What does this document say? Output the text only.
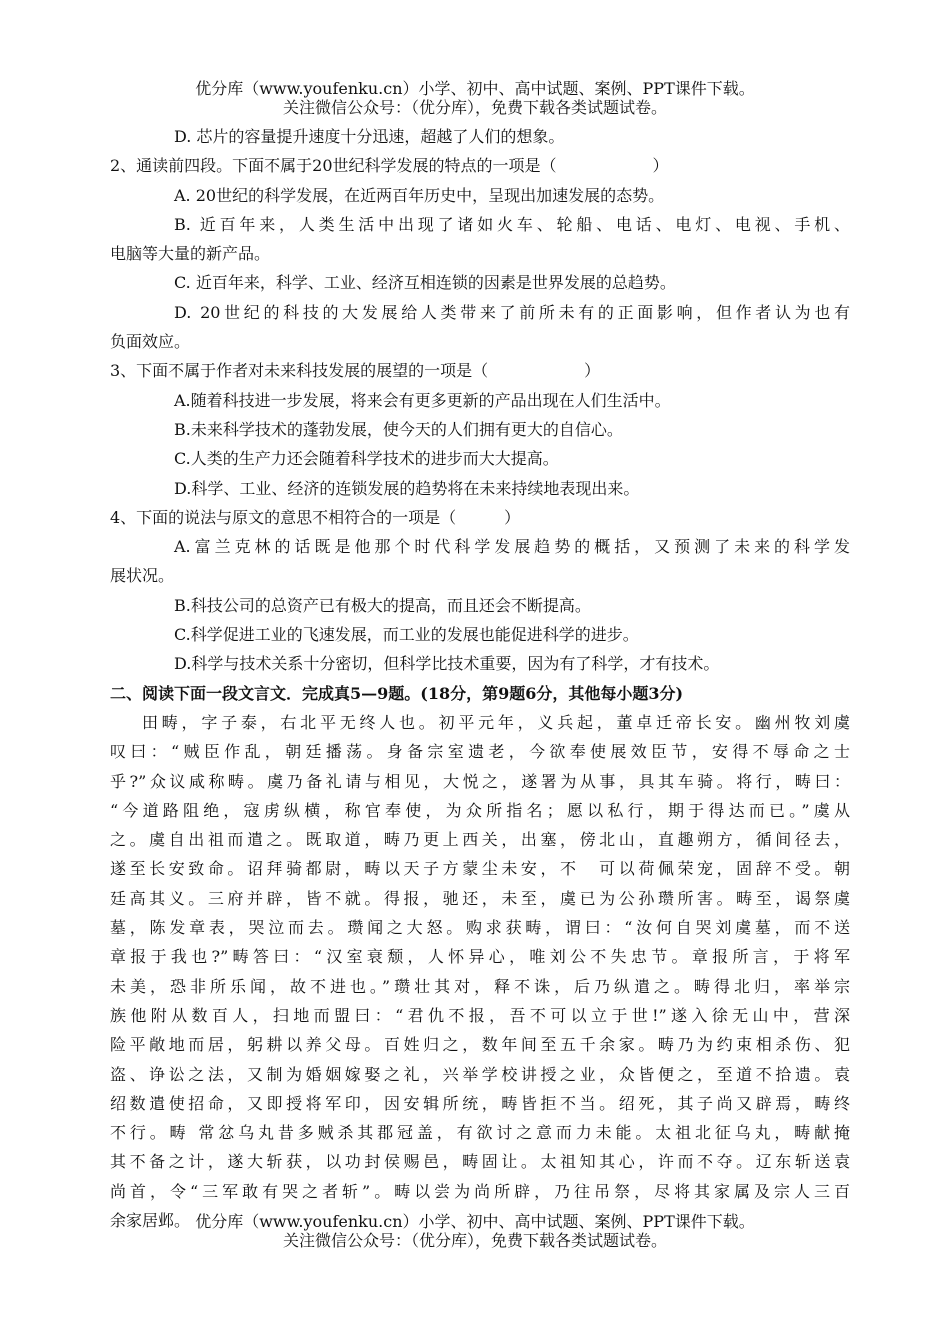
优分库（www.youfenku.cn）小学、初中、高中试题、案例、PPT课件下载。
关注微信公众号：（优分库），免费下载各类试题试卷。
D. 芯片的容量提升速度十分迅速，超越了人们的想象。
2、通读前四段。下面不属于20世纪科学发展的特点的一项是（　　　　　　）
A. 20世纪的科学发展，在近两百年历史中，呈现出加速发展的态势。
B. 近百年来，人类生活中出现了诸如火车、轮船、电话、电灯、电视、手机、
电脑等大量的新产品。
C. 近百年来，科学、工业、经济互相连锁的因素是世界发展的总趋势。
D. 20世纪的科技的大发展给人类带来了前所未有的正面影响，但作者认为也有
负面效应。
3、下面不属于作者对未来科技发展的展望的一项是（　　　　　　）
A.随着科技进一步发展，将来会有更多更新的产品出现在人们生活中。
B.未来科学技术的蓬勃发展，使今天的人们拥有更大的自信心。
C.人类的生产力还会随着科学技术的进步而大大提高。
D.科学、工业、经济的连锁发展的趋势将在未来持续地表现出来。
4、下面的说法与原文的意思不相符合的一项是（　　　）
A.富兰克林的话既是他那个时代科学发展趋势的概括，又预测了未来的科学发
展状况。
B.科技公司的总资产已有极大的提高，而且还会不断提高。
C.科学促进工业的飞速发展，而工业的发展也能促进科学的进步。
D.科学与技术关系十分密切，但科学比技术重要，因为有了科学，才有技术。
二、阅读下面一段文言文．完成真5—9题。(18分，第9题6分，其他每小题3分)
田畴，字子泰，右北平无终人也。初平元年，义兵起，董卓迁帝长安。幽州牧刘虞
叹曰：“贼臣作乱，朝廷播荡。身备宗室遗老，今欲奉使展效臣节，安得不辱命之士
乎?”众议咸称畴。虞乃备礼请与相见，大悦之，遂署为从事，具其车骑。将行，畴曰：
“今道路阻绝，寇虏纵横，称官奉使，为众所指名；愿以私行，期于得达而已。”虞从
之。虞自出祖而遣之。既取道，畴乃更上西关，出塞，傍北山，直趣朔方，循间径去，
遂至长安致命。诏拜骑都尉，畴以天子方蒙尘未安，不　可以荷佩荣宠，固辞不受。朝
廷高其义。三府并辟，皆不就。得报，驰还，未至，虞已为公孙瓒所害。畴至，谒祭虞
墓，陈发章表，哭泣而去。瓒闻之大怒。购求获畴，谓曰：“汝何自哭刘虞墓，而不送
章报于我也?”畴答曰：“汉室衰颓，人怀异心，唯刘公不失忠节。章报所言，于将军
未美，恐非所乐闻，故不进也。”瓒壮其对，释不诛，后乃纵遣之。畴得北归，率举宗
族他附从数百人，扫地而盟曰：“君仇不报，吾不可以立于世!”遂入徐无山中，营深
险平敞地而居，躬耕以养父母。百姓归之，数年间至五千余家。畴乃为约束相杀伤、犯
盗、诤讼之法，又制为婚姻嫁娶之礼，兴举学校讲授之业，众皆便之，至道不拾遗。袁
绍数遣使招命，又即授将军印，因安辑所统，畴皆拒不当。绍死，其子尚又辟焉，畴终
不行。畴 常忿乌丸昔多贼杀其郡冠盖，有欲讨之意而力未能。太祖北征乌丸，畴献掩
其不备之计，遂大斩获，以功封侯赐邑，畴固让。太祖知其心，许而不夺。辽东斩送袁
尚首，令“三军敢有哭之者斩”。畴以尝为尚所辟，乃往吊祭，尽将其家属及宗人三百
余家居邺。 优分库（www.youfenku.cn）小学、初中、高中试题、案例、PPT课件下载。
关注微信公众号：（优分库），免费下载各类试题试卷。
